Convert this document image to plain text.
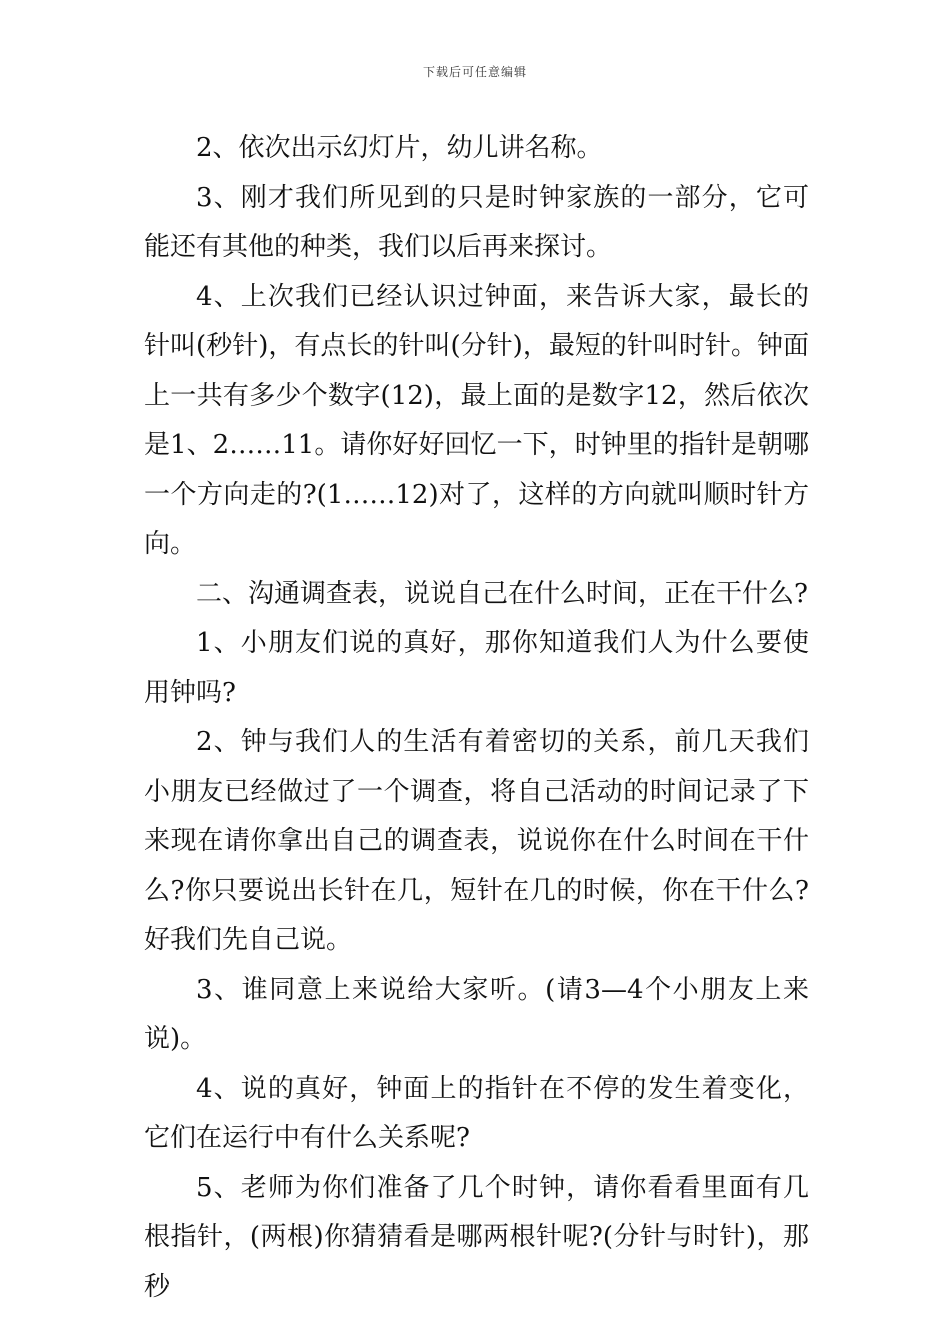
下载后可任意编辑

2、依次出示幻灯片，幼儿讲名称。

3、刚才我们所见到的只是时钟家族的一部分，它可能还有其他的种类，我们以后再来探讨。

4、上次我们已经认识过钟面，来告诉大家，最长的针叫(秒针)，有点长的针叫(分针)，最短的针叫时针。钟面上一共有多少个数字(12)，最上面的是数字12，然后依次是1、2……11。请你好好回忆一下，时钟里的指针是朝哪一个方向走的?(1……12)对了，这样的方向就叫顺时针方向。

二、沟通调查表，说说自己在什么时间，正在干什么?

1、小朋友们说的真好，那你知道我们人为什么要使用钟吗?

2、钟与我们人的生活有着密切的关系，前几天我们小朋友已经做过了一个调查，将自己活动的时间记录了下来现在请你拿出自己的调查表，说说你在什么时间在干什么?你只要说出长针在几，短针在几的时候，你在干什么?好我们先自己说。

3、谁同意上来说给大家听。(请3—4个小朋友上来说)。

4、说的真好，钟面上的指针在不停的发生着变化，它们在运行中有什么关系呢?

5、老师为你们准备了几个时钟，请你看看里面有几根指针，(两根)你猜猜看是哪两根针呢?(分针与时针)，那秒
